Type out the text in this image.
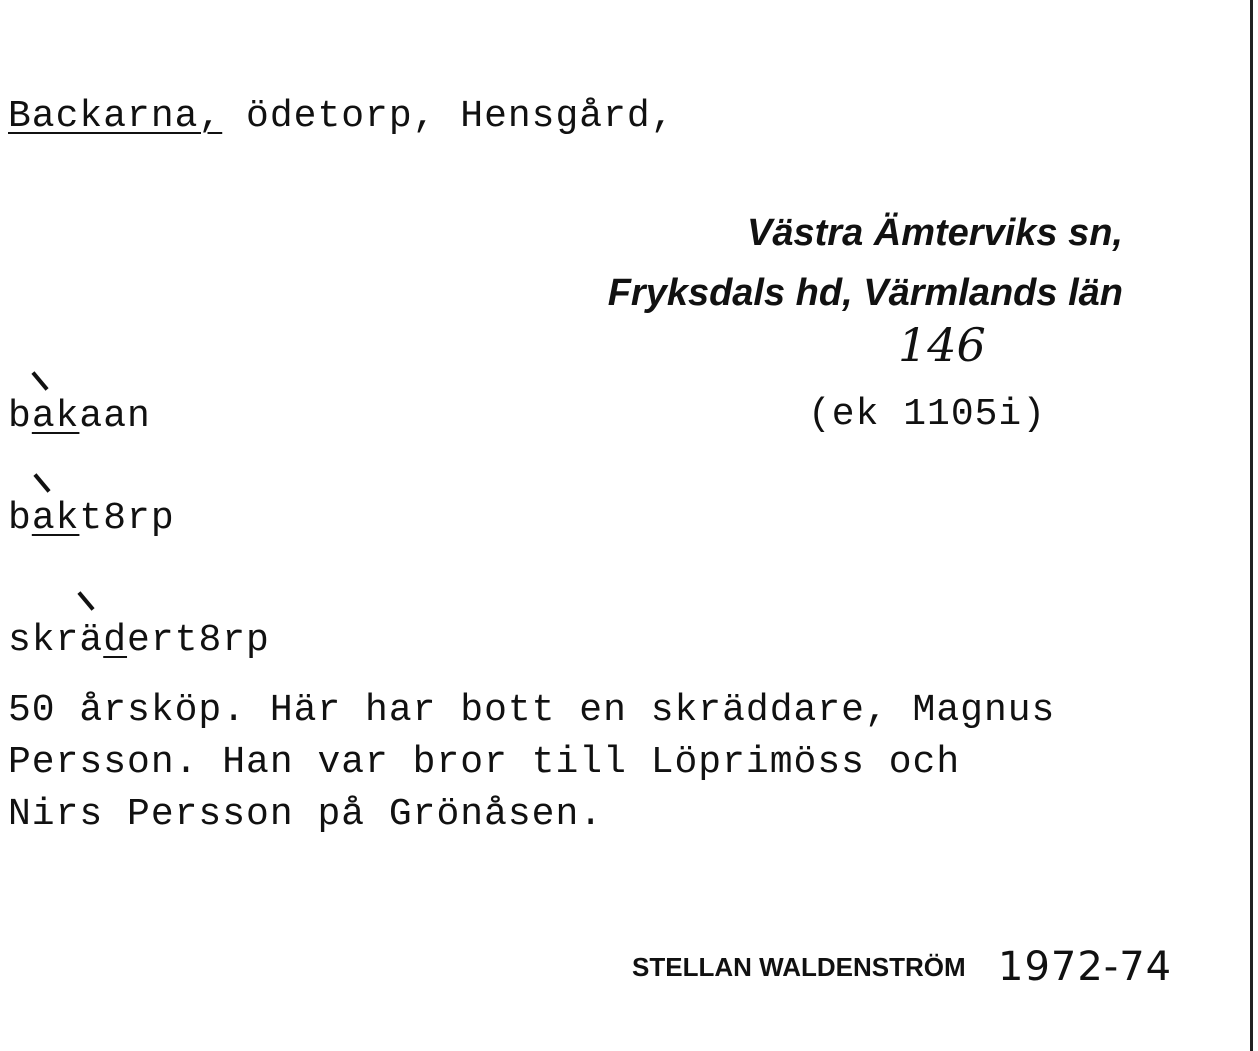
Backarna, ödetorp, Hensgård,
Västra Ämterviks sn,
Fryksdals hd, Värmlands län
146
(ek 1105i)
bakaan
bakt8rp
skrädert8rp
50 årsköp. Här har bott en skräddare, Magnus
Persson. Han var bror till Löprimöss och
Nirs Persson på Grönåsen.
STELLAN WALDENSTRÖM 1972-74
